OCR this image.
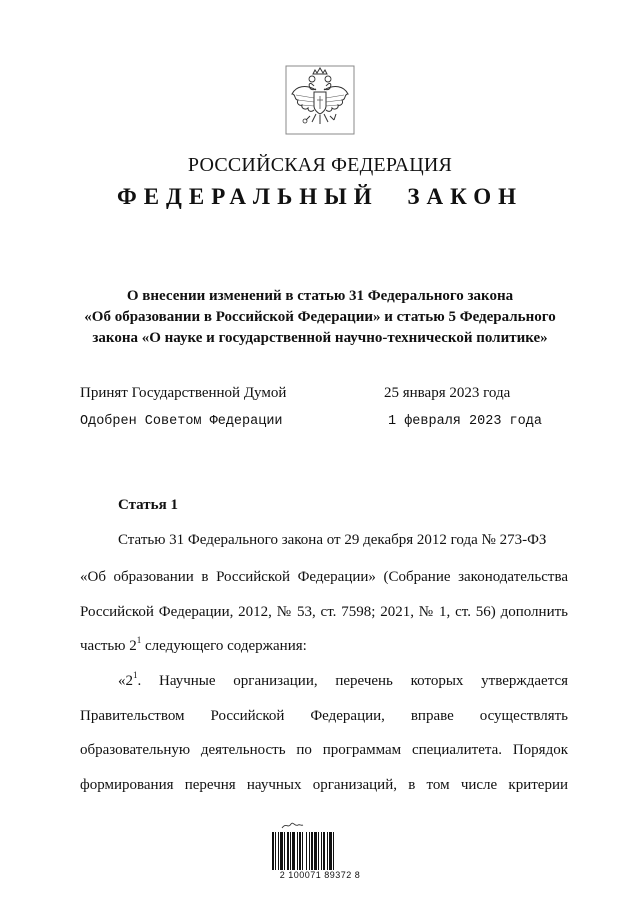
РОССИЙСКАЯ ФЕДЕРАЦИЯ
ФЕДЕРАЛЬНЫЙ ЗАКОН
О внесении изменений в статью 31 Федерального закона
«Об образовании в Российской Федерации» и статью 5 Федерального
закона «О науке и государственной научно-технической политике»
Принят Государственной Думой	25 января 2023 года
Одобрен Советом Федерации	1 февраля 2023 года
Статья 1
Статью 31 Федерального закона от 29 декабря 2012 года № 273-ФЗ
«Об образовании в Российской Федерации» (Собрание законодательства
Российской Федерации, 2012, № 53, ст. 7598; 2021, № 1, ст. 56) дополнить
частью $2^1$ следующего содержания:
«$2^1$. Научные организации, перечень которых утверждается
Правительством Российской Федерации, вправе осуществлять
образовательную деятельность по программам специалитета. Порядок
формирования перечня научных организаций, в том числе критерии
2 100071 89372 8
